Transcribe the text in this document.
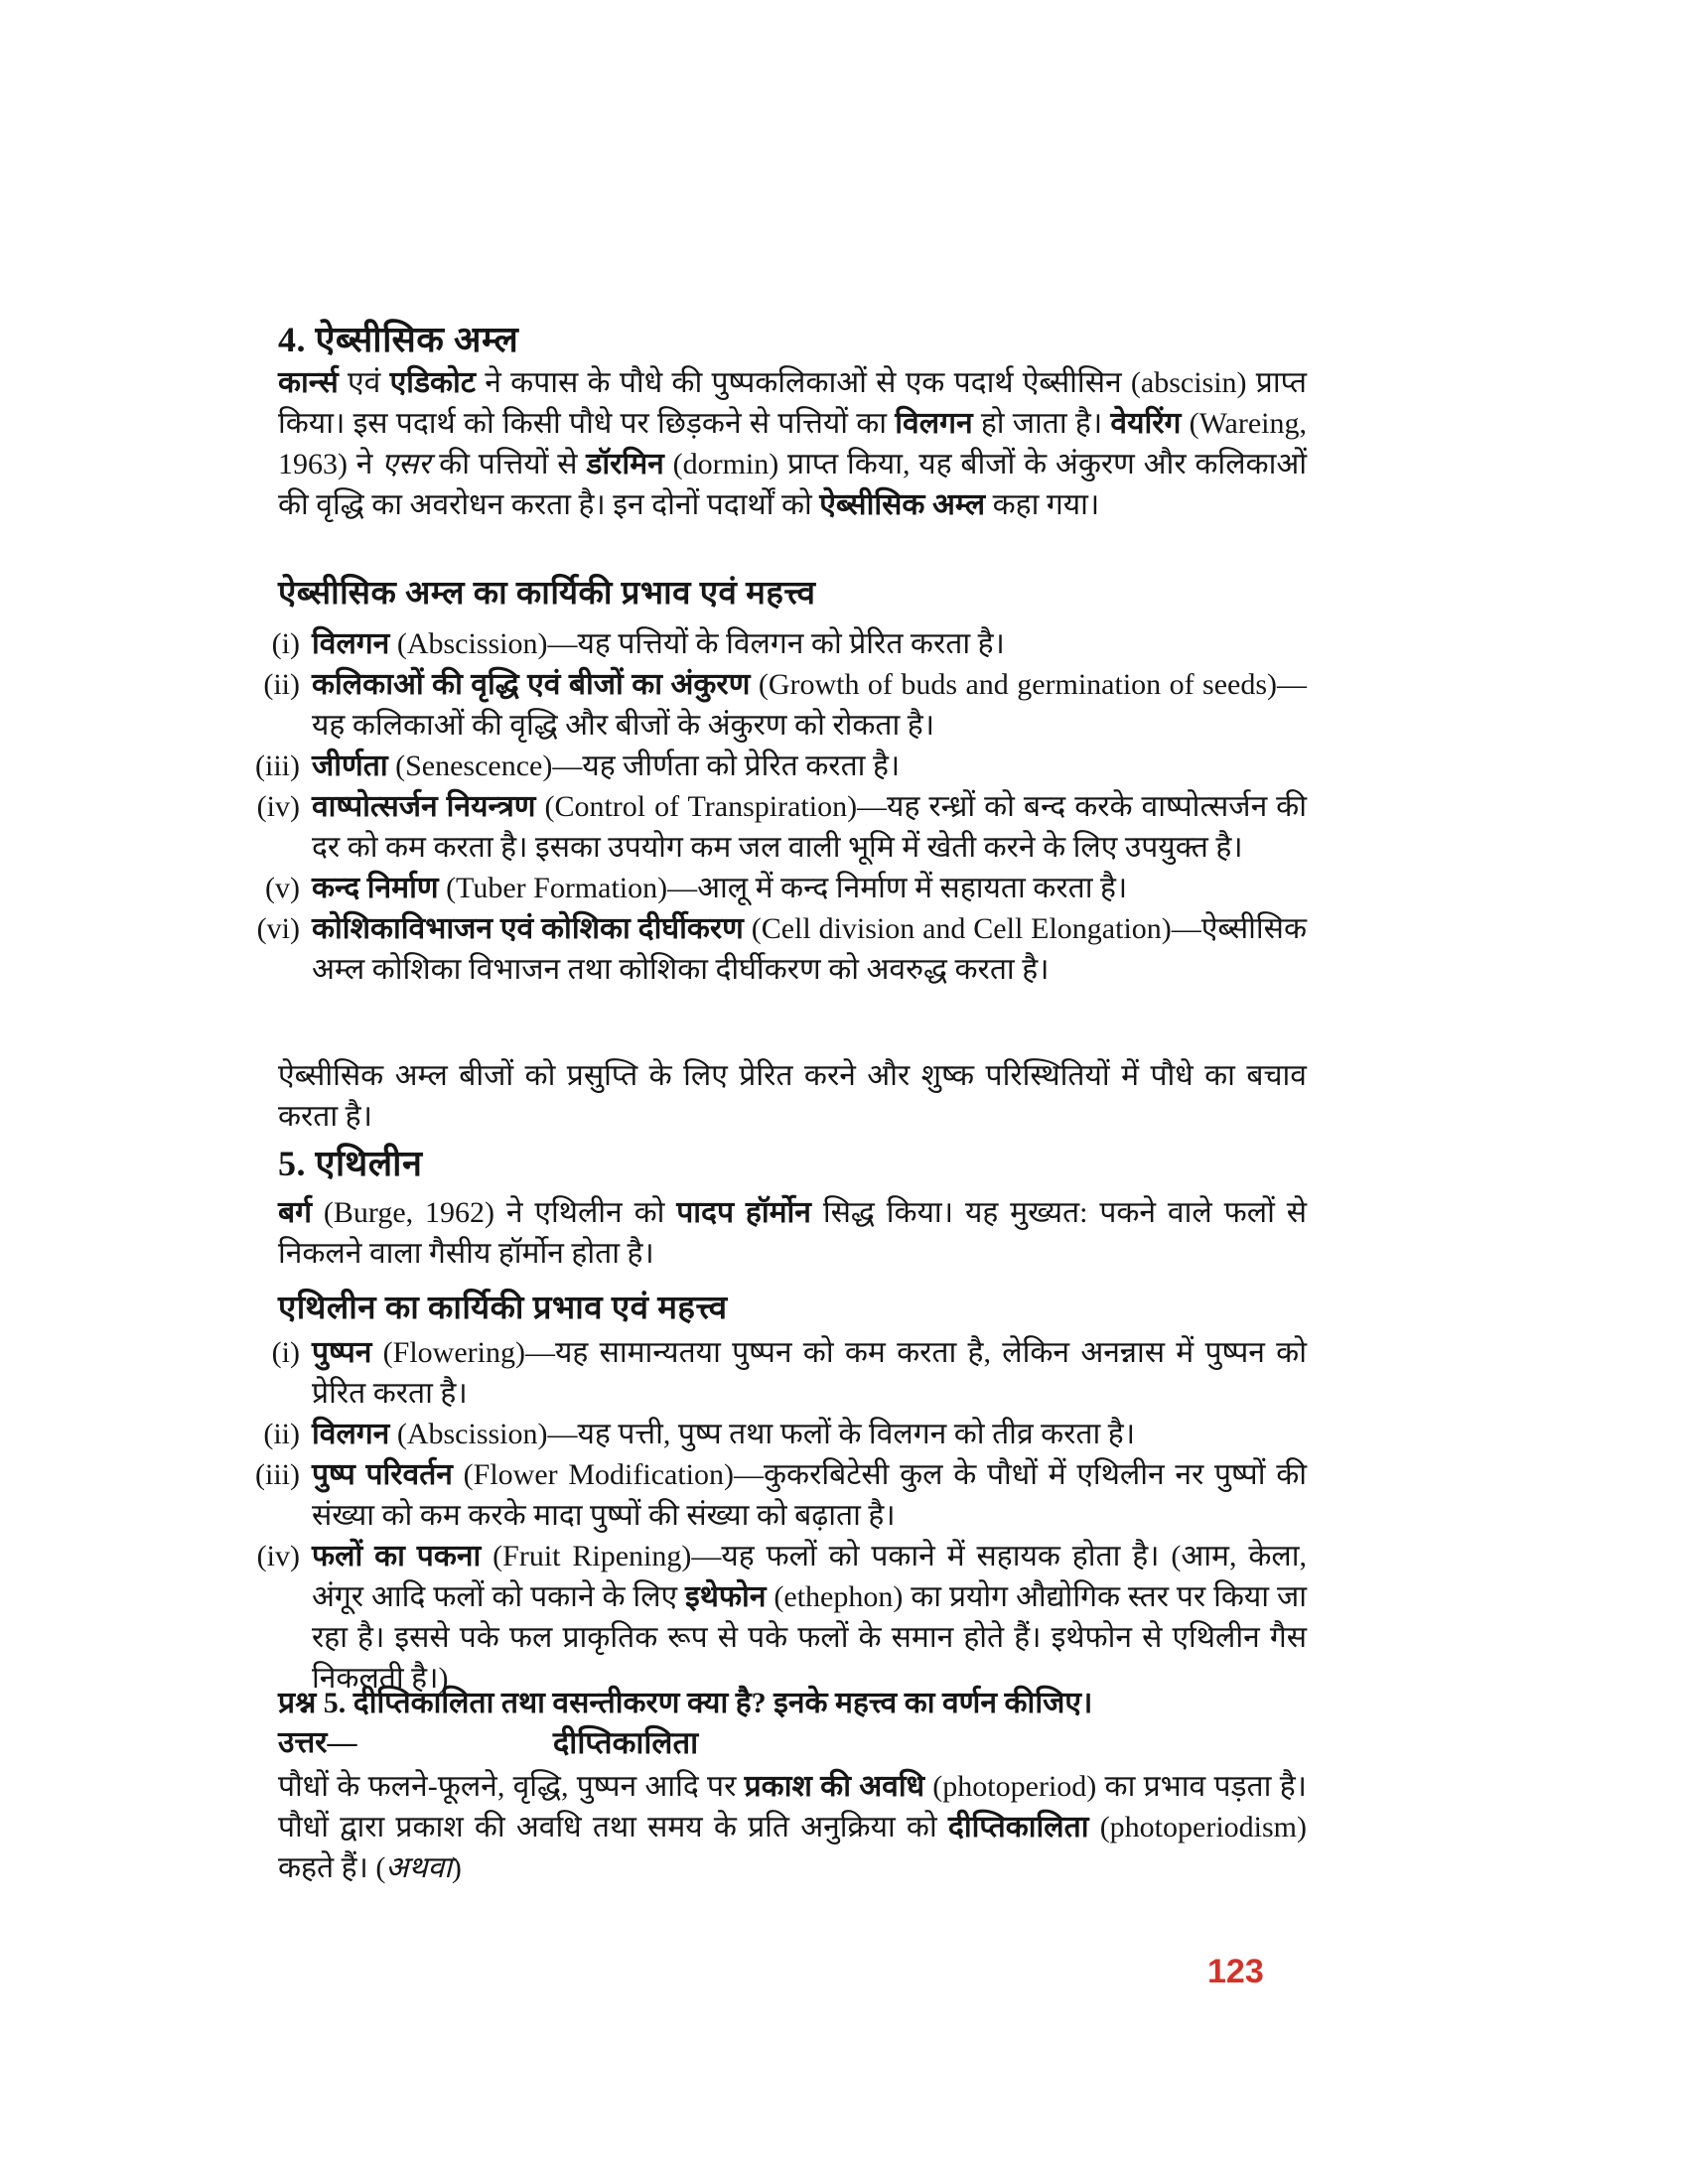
4. ऐब्सीसिक अम्ल
कार्न्स एवं एडिकोट ने कपास के पौधे की पुष्पकलिकाओं से एक पदार्थ ऐब्सीसिन (abscisin) प्राप्त किया। इस पदार्थ को किसी पौधे पर छिड़कने से पत्तियों का विलगन हो जाता है। वेयरिंग (Wareing, 1963) ने एसर की पत्तियों से डॉरमिन (dormin) प्राप्त किया, यह बीजों के अंकुरण और कलिकाओं की वृद्धि का अवरोधन करता है। इन दोनों पदार्थों को ऐब्सीसिक अम्ल कहा गया।
ऐब्सीसिक अम्ल का कार्यिकी प्रभाव एवं महत्त्व
(i) विलगन (Abscission)—यह पत्तियों के विलगन को प्रेरित करता है।
(ii) कलिकाओं की वृद्धि एवं बीजों का अंकुरण (Growth of buds and germination of seeds)—यह कलिकाओं की वृद्धि और बीजों के अंकुरण को रोकता है।
(iii) जीर्णता (Senescence)—यह जीर्णता को प्रेरित करता है।
(iv) वाष्पोत्सर्जन नियन्त्रण (Control of Transpiration)—यह रन्ध्रों को बन्द करके वाष्पोत्सर्जन की दर को कम करता है। इसका उपयोग कम जल वाली भूमि में खेती करने के लिए उपयुक्त है।
(v) कन्द निर्माण (Tuber Formation)—आलू में कन्द निर्माण में सहायता करता है।
(vi) कोशिकाविभाजन एवं कोशिका दीर्घीकरण (Cell division and Cell Elongation)—ऐब्सीसिक अम्ल कोशिका विभाजन तथा कोशिका दीर्घीकरण को अवरुद्ध करता है।
ऐब्सीसिक अम्ल बीजों को प्रसुप्ति के लिए प्रेरित करने और शुष्क परिस्थितियों में पौधे का बचाव करता है।
5. एथिलीन
बर्ग (Burge, 1962) ने एथिलीन को पादप हॉर्मोन सिद्ध किया। यह मुख्यत: पकने वाले फलों से निकलने वाला गैसीय हॉर्मोन होता है।
एथिलीन का कार्यिकी प्रभाव एवं महत्त्व
(i) पुष्पन (Flowering)—यह सामान्यतया पुष्पन को कम करता है, लेकिन अनन्नास में पुष्पन को प्रेरित करता है।
(ii) विलगन (Abscission)—यह पत्ती, पुष्प तथा फलों के विलगन को तीव्र करता है।
(iii) पुष्प परिवर्तन (Flower Modification)—कुकरबिटेसी कुल के पौधों में एथिलीन नर पुष्पों की संख्या को कम करके मादा पुष्पों की संख्या को बढ़ाता है।
(iv) फलों का पकना (Fruit Ripening)—यह फलों को पकाने में सहायक होता है। (आम, केला, अंगूर आदि फलों को पकाने के लिए इथेफोन (ethephon) का प्रयोग औद्योगिक स्तर पर किया जा रहा है। इससे पके फल प्राकृतिक रूप से पके फलों के समान होते हैं। इथेफोन से एथिलीन गैस निकलती है।)
प्रश्न 5. दीप्तिकालिता तथा वसन्तीकरण क्या है? इनके महत्त्व का वर्णन कीजिए।
उत्तर—	दीप्तिकालिता
पौधों के फलने-फूलने, वृद्धि, पुष्पन आदि पर प्रकाश की अवधि (photoperiod) का प्रभाव पड़ता है। पौधों द्वारा प्रकाश की अवधि तथा समय के प्रति अनुक्रिया को दीप्तिकालिता (photoperiodism) कहते हैं। (अथवा)
123
